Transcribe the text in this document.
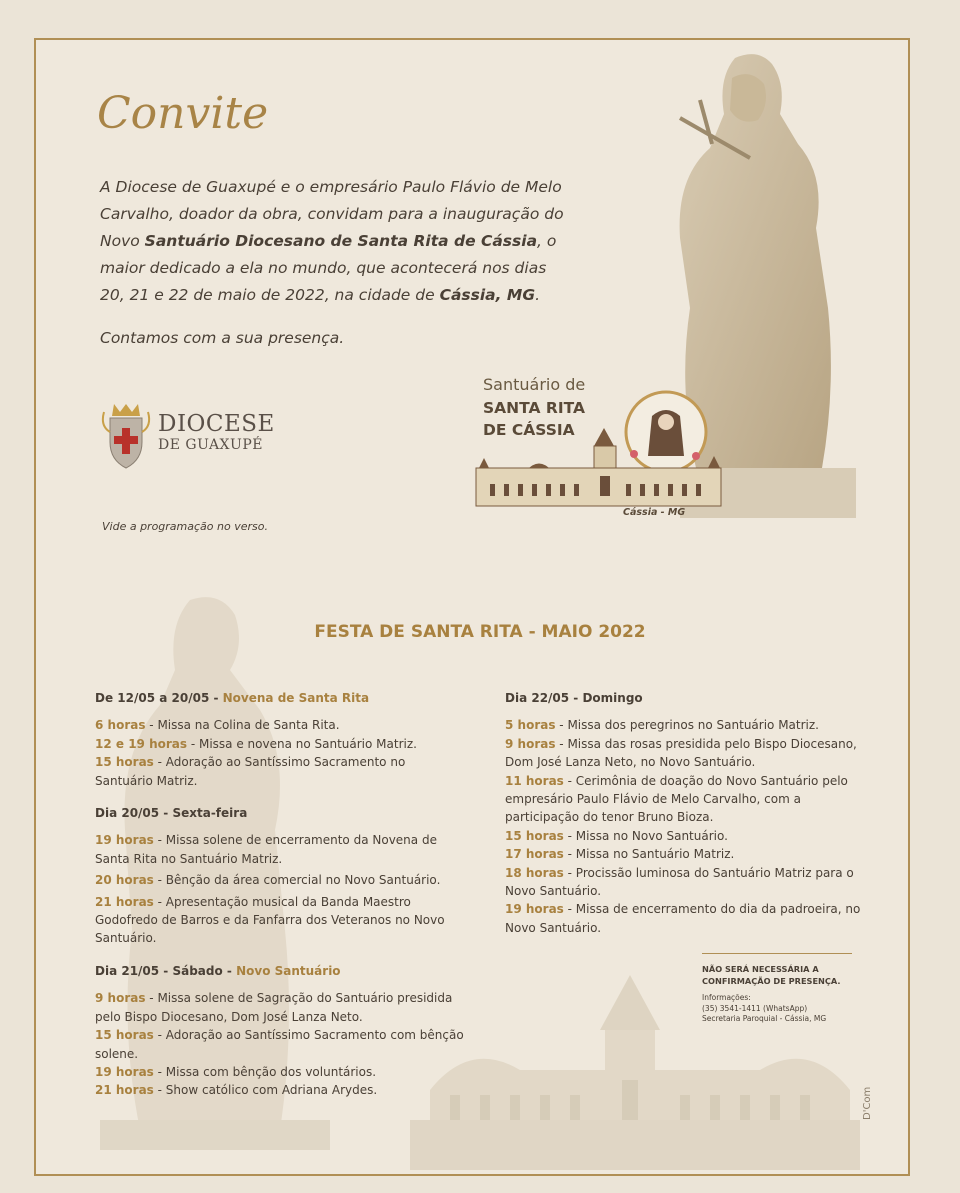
Convite
A Diocese de Guaxupé e o empresário Paulo Flávio de Melo Carvalho, doador da obra, convidam para a inauguração do Novo Santuário Diocesano de Santa Rita de Cássia, o maior dedicado a ela no mundo, que acontecerá nos dias 20, 21 e 22 de maio de 2022, na cidade de Cássia, MG.
Contamos com a sua presença.
DIOCESE
DE GUAXUPÉ
Vide a programação no verso.
Santuário de
SANTA RITA
DE CÁSSIA
Cássia - MG
FESTA DE SANTA RITA - MAIO 2022
De 12/05 a 20/05 - Novena de Santa Rita

6 horas - Missa na Colina de Santa Rita.

12 e 19 horas - Missa e novena no Santuário Matriz.

15 horas - Adoração ao Santíssimo Sacramento no Santuário Matriz.

Dia 20/05 - Sexta-feira

19 horas - Missa solene de encerramento da Novena de Santa Rita no Santuário Matriz.

20 horas - Bênção da área comercial no Novo Santuário.

21 horas - Apresentação musical da Banda Maestro Godofredo de Barros e da Fanfarra dos Veteranos no Novo Santuário.

Dia 21/05 - Sábado - Novo Santuário

9 horas - Missa solene de Sagração do Santuário presidida pelo Bispo Diocesano, Dom José Lanza Neto.

15 horas - Adoração ao Santíssimo Sacramento com bênção solene.

19 horas - Missa com bênção dos voluntários.

21 horas - Show católico com Adriana Arydes.

Dia 22/05 - Domingo

5 horas - Missa dos peregrinos no Santuário Matriz.

9 horas - Missa das rosas presidida pelo Bispo Diocesano, Dom José Lanza Neto, no Novo Santuário.

11 horas - Cerimônia de doação do Novo Santuário pelo empresário Paulo Flávio de Melo Carvalho, com a participação do tenor Bruno Bioza.

15 horas - Missa no Novo Santuário.

17 horas - Missa no Santuário Matriz.

18 horas - Procissão luminosa do Santuário Matriz para o Novo Santuário.

19 horas - Missa de encerramento do dia da padroeira, no Novo Santuário.

NÃO SERÁ NECESSÁRIA A CONFIRMAÇÃO DE PRESENÇA.
Informações:
(35) 3541-1411 (WhatsApp)
Secretaria Paroquial - Cássia, MG
D'Com
